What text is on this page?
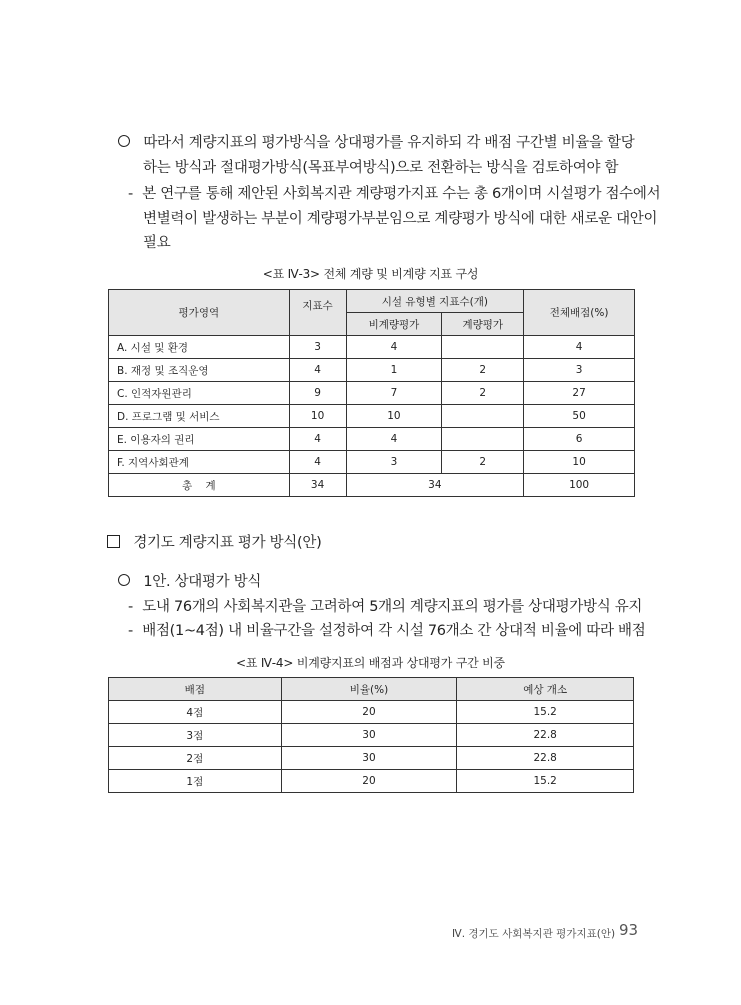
따라서 계량지표의 평가방식을 상대평가를 유지하되 각 배점 구간별 비율을 할당
하는 방식과 절대평가방식(목표부여방식)으로 전환하는 방식을 검토하여야 함
- 본 연구를 통해 제안된 사회복지관 계량평가지표 수는 총 6개이며 시설평가 점수에서
변별력이 발생하는 부분이 계량평가부분임으로 계량평가 방식에 대한 새로운 대안이
필요
<표 Ⅳ-3> 전체 계량 및 비계량 지표 구성
평가영역	지표수	시설 유형별 지표수(개)		전체배점(%)
		비계량평가	계량평가	
A. 시설 및 환경	3	4		4
B. 재정 및 조직운영	4	1	2	3
C. 인적자원관리	9	7	2	27
D. 프로그램 및 서비스	10	10		50
E. 이용자의 권리	4	4		6
F. 지역사회관계	4	3	2	10
총    계	34	34		100
경기도 계량지표 평가 방식(안)
1안. 상대평가 방식
- 도내 76개의 사회복지관을 고려하여 5개의 계량지표의 평가를 상대평가방식 유지
- 배점(1~4점) 내 비율구간을 설정하여 각 시설 76개소 간 상대적 비율에 따라 배점
<표 Ⅳ-4> 비계량지표의 배점과 상대평가 구간 비중
배점	비율(%)	예상 개소
4점	20	15.2
3점	30	22.8
2점	30	22.8
1점	20	15.2
Ⅳ. 경기도 사회복지관 평가지표(안) 93
